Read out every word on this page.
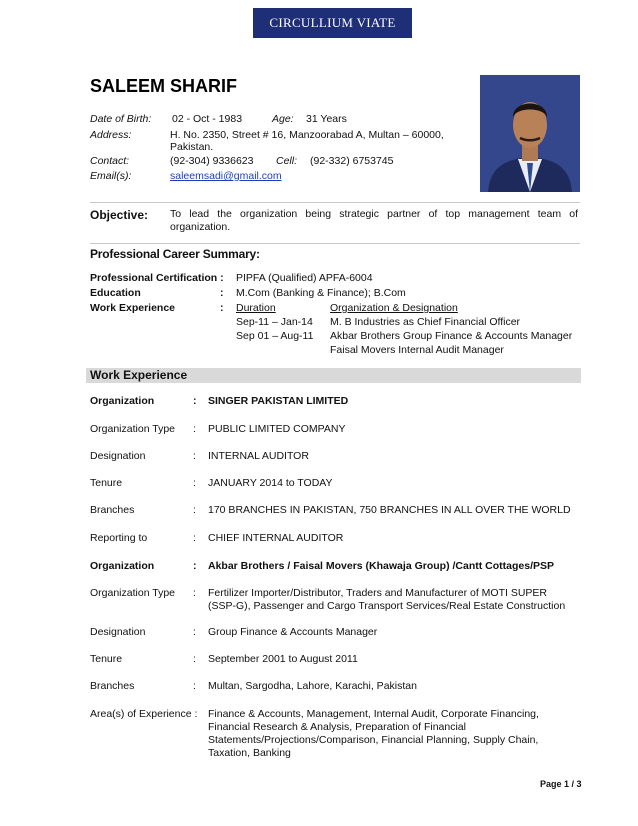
CIRCULLIUM VIATE
SALEEM SHARIF
Date of Birth: 02 - Oct - 1983	Age: 31 Years
Address:	H. No. 2350, Street # 16, Manzoorabad A, Multan – 60000,
Pakistan.
Contact:	(92-304) 9336623 Cell: (92-332) 6753745
Email(s):	saleemsadi@gmail.com
Objective: To lead the organization being strategic partner of top management team of organization.
Professional Career Summary:
Professional Certification : PIPFA (Qualified) APFA-6004
Education	: M.Com (Banking & Finance); B.Com
Work Experience	: Duration	Organization & Designation
Sep-11 – Jan-14 M. B Industries as Chief Financial Officer
Sep 01 – Aug-11 Akbar Brothers Group Finance & Accounts Manager
Faisal Movers Internal Audit Manager
Work Experience
Organization	: SINGER PAKISTAN LIMITED
Organization Type : PUBLIC LIMITED COMPANY
Designation	: INTERNAL AUDITOR
Tenure	: JANUARY 2014 to TODAY
Branches	: 170 BRANCHES IN PAKISTAN, 750 BRANCHES IN ALL OVER THE WORLD
Reporting to	: CHIEF INTERNAL AUDITOR
Organization	: Akbar Brothers / Faisal Movers (Khawaja Group) /Cantt Cottages/PSP
Organization Type : Fertilizer Importer/Distributor, Traders and Manufacturer of MOTI SUPER
(SSP-G), Passenger and Cargo Transport Services/Real Estate Construction
Designation	: Group Finance & Accounts Manager
Tenure	: September 2001 to August 2011
Branches	: Multan, Sargodha, Lahore, Karachi, Pakistan
Area(s) of Experience : Finance & Accounts, Management, Internal Audit, Corporate Financing,
Financial Research & Analysis, Preparation of Financial
Statements/Projections/Comparison, Financial Planning, Supply Chain,
Taxation, Banking
Page 1 / 3
